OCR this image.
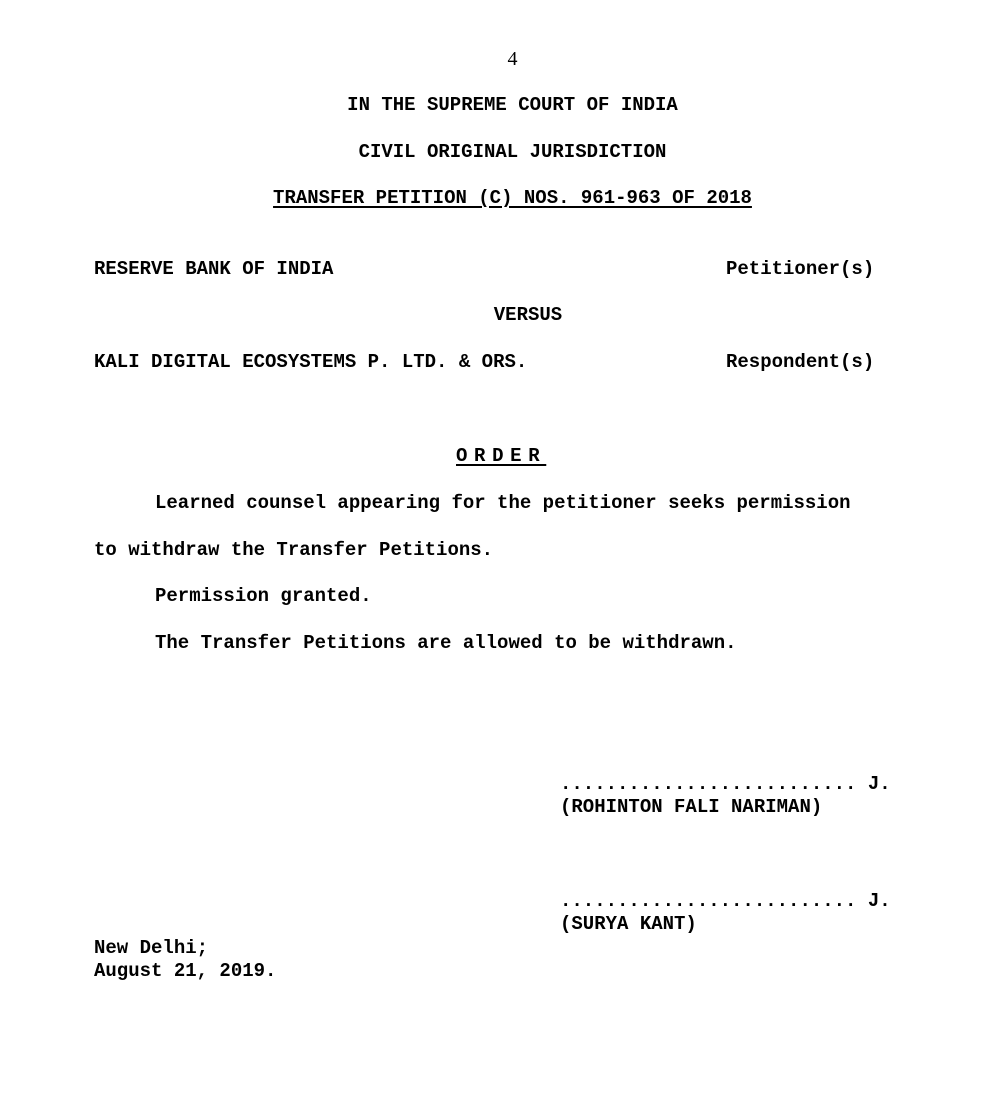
4
IN THE SUPREME COURT OF INDIA
CIVIL ORIGINAL JURISDICTION
TRANSFER PETITION (C) NOS. 961-963 OF 2018
RESERVE BANK OF INDIA	Petitioner(s)
VERSUS
KALI DIGITAL ECOSYSTEMS P. LTD. & ORS.	Respondent(s)
ORDER
Learned counsel appearing for the petitioner seeks permission
to withdraw the Transfer Petitions.
Permission granted.
The Transfer Petitions are allowed to be withdrawn.
.......................... J.
(ROHINTON FALI NARIMAN)
.......................... J.
(SURYA KANT)
New Delhi;
August 21, 2019.
